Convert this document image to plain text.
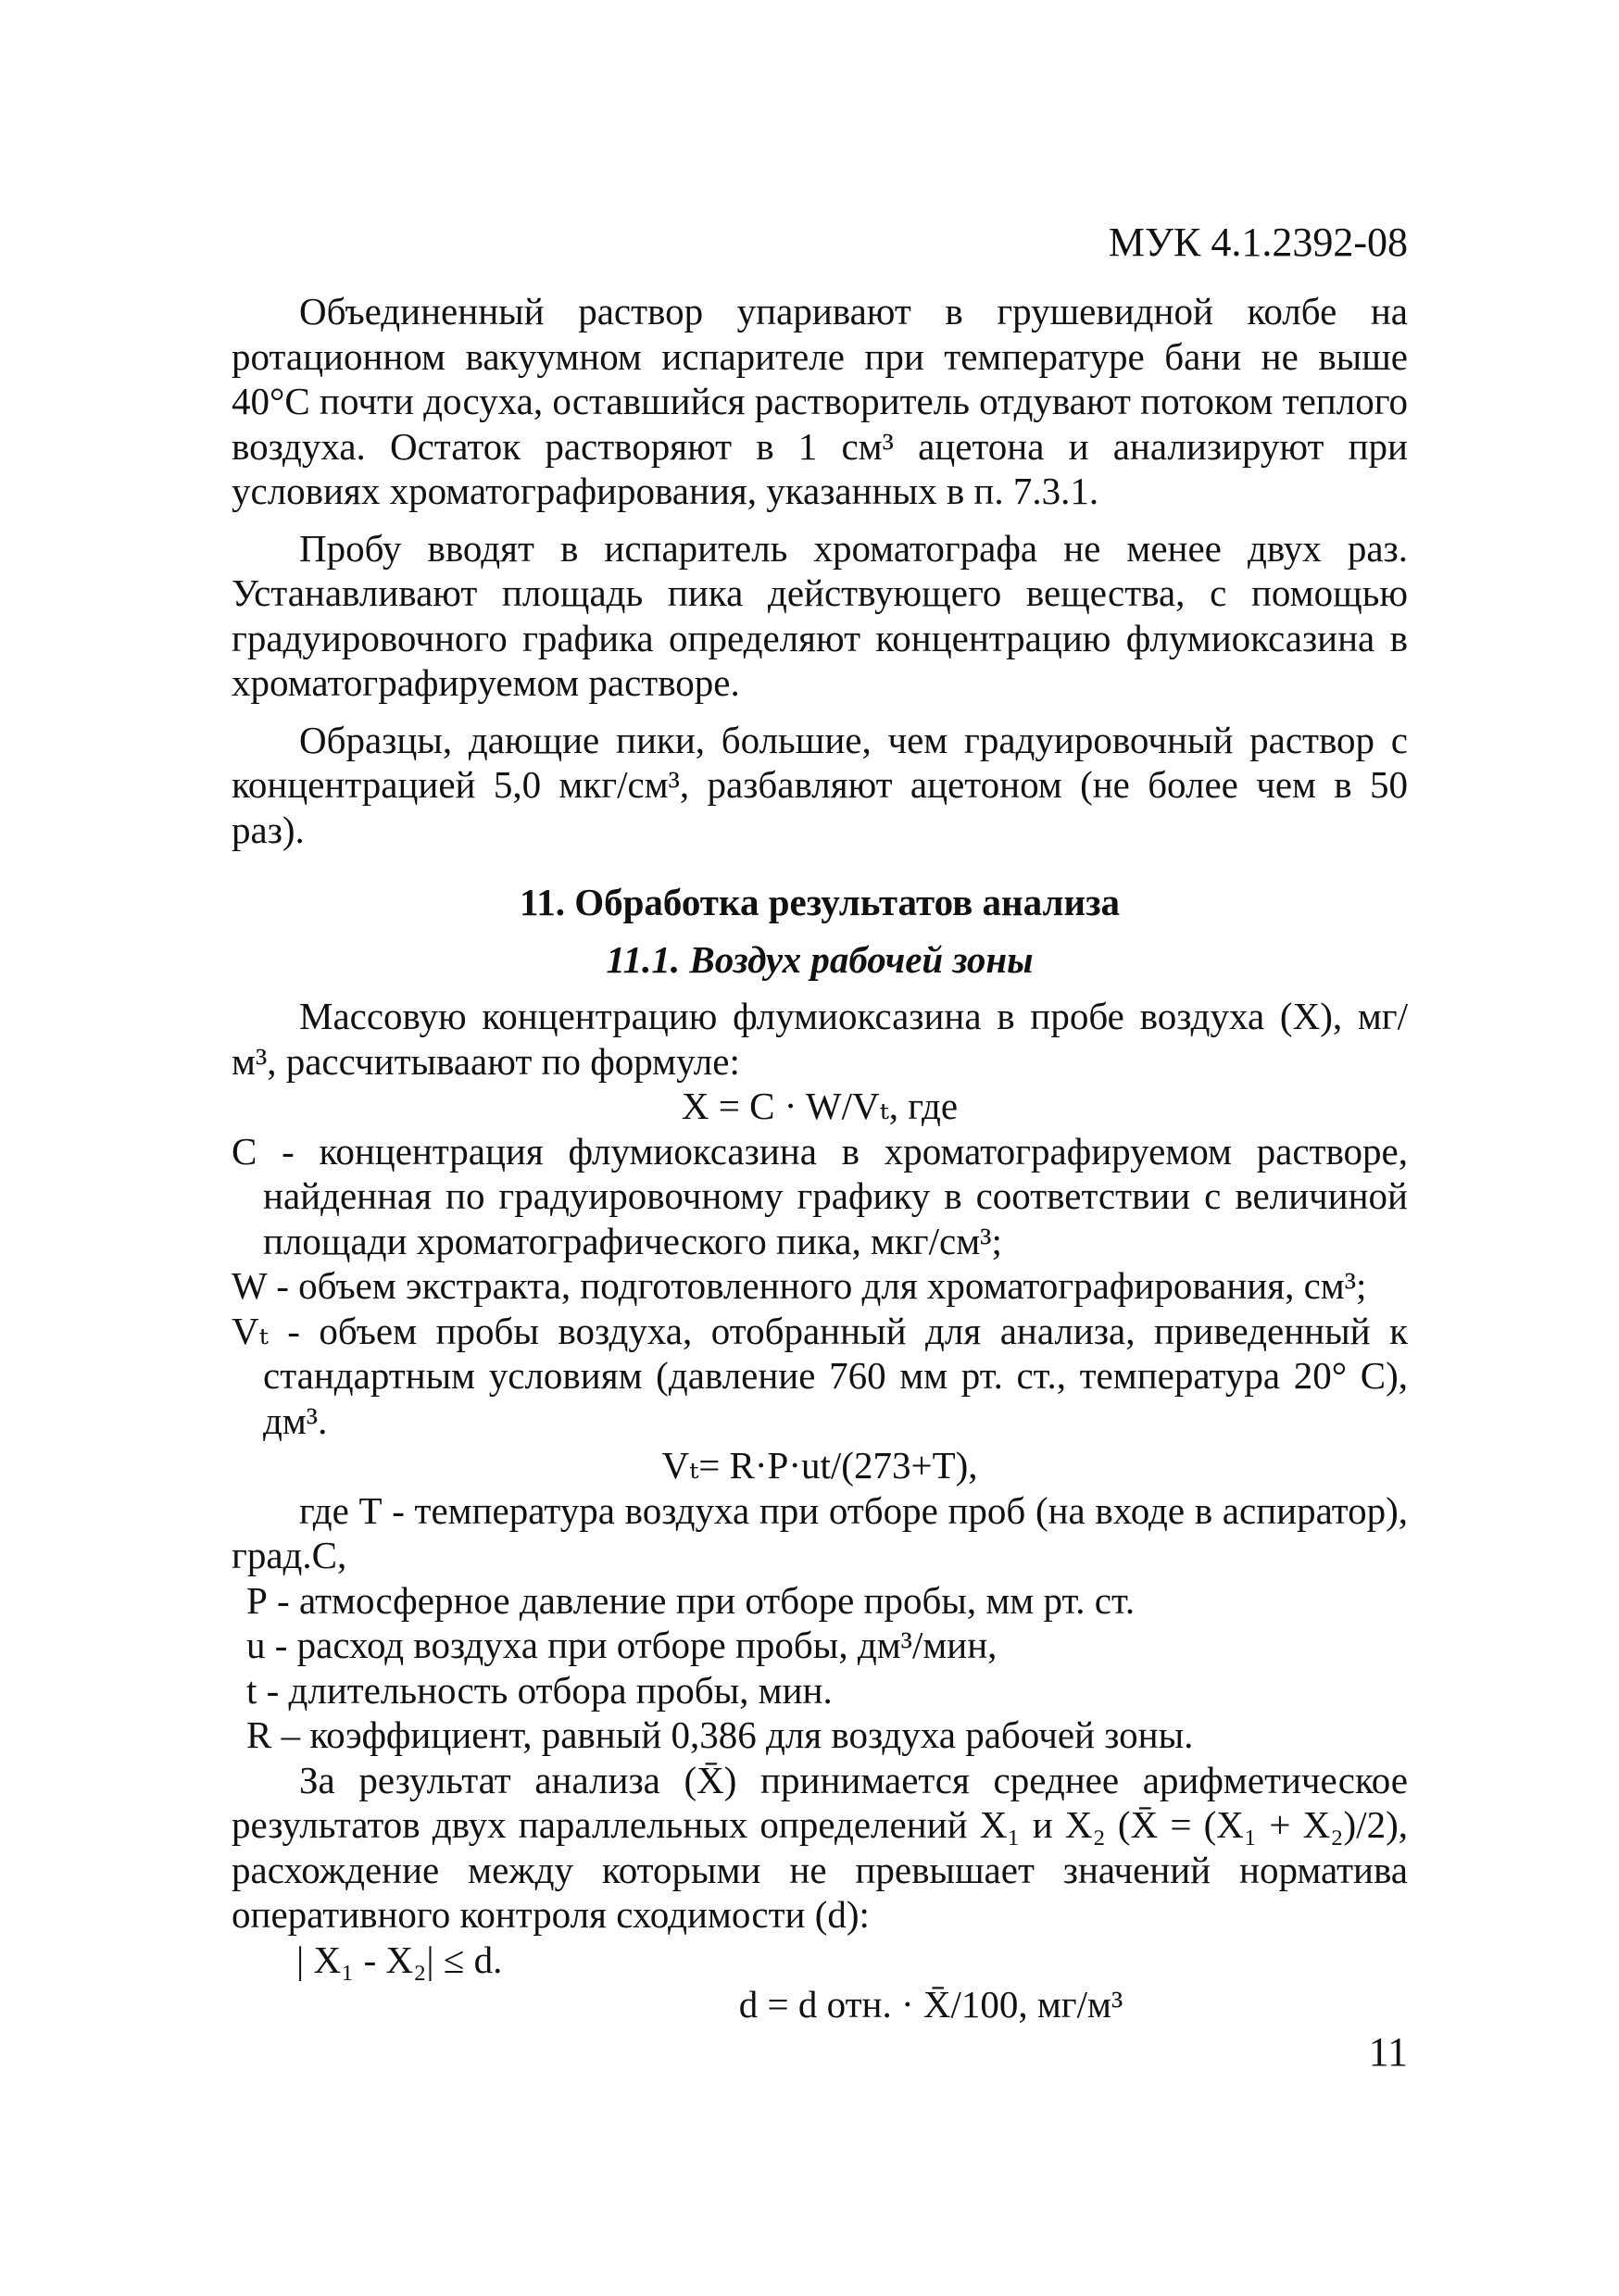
МУК 4.1.2392-08

Объединенный раствор упаривают в грушевидной колбе на ротационном вакуумном испарителе при температуре бани не выше 40°С почти досуха, оставшийся растворитель отдувают потоком теплого воздуха. Остаток растворяют в 1 см³ ацетона и анализируют при условиях хроматографирования, указанных в п. 7.3.1.

Пробу вводят в испаритель хроматографа не менее двух раз. Устанавливают площадь пика действующего вещества, с помощью градуировочного графика определяют концентрацию флумиоксазина в хроматографируемом растворе.

Образцы, дающие пики, большие, чем градуировочный раствор с концентрацией 5,0 мкг/см³, разбавляют ацетоном (не более чем в 50 раз).

11. Обработка результатов анализа

11.1. Воздух рабочей зоны

Массовую концентрацию флумиоксазина в пробе воздуха (X), мг/м³, рассчитываают по формуле:

X = C · W/Vₜ, где

С - концентрация флумиоксазина в хроматографируемом растворе, найденная по градуировочному графику в соответствии с величиной площади хроматографического пика, мкг/см³;

W - объем экстракта, подготовленного для хроматографирования, см³;

Vₜ - объем пробы воздуха, отобранный для анализа, приведенный к стандартным условиям (давление 760 мм рт. ст., температура 20° С), дм³.

Vₜ= R·P·ut/(273+T),

где Т - температура воздуха при отборе проб (на входе в аспиратор), град.С,

Р - атмосферное давление при отборе пробы, мм рт. ст.

u - расход воздуха при отборе пробы, дм³/мин,

t - длительность отбора пробы, мин.

R – коэффициент, равный 0,386 для воздуха рабочей зоны.

За результат анализа (X̄) принимается среднее арифметическое результатов двух параллельных определений X₁ и X₂ (X̄ = (X₁ + X₂)/2), расхождение между которыми не превышает значений норматива оперативного контроля сходимости (d):

| X₁ - X₂| ≤ d.

d = d отн. · X̄/100, мг/м³

11
